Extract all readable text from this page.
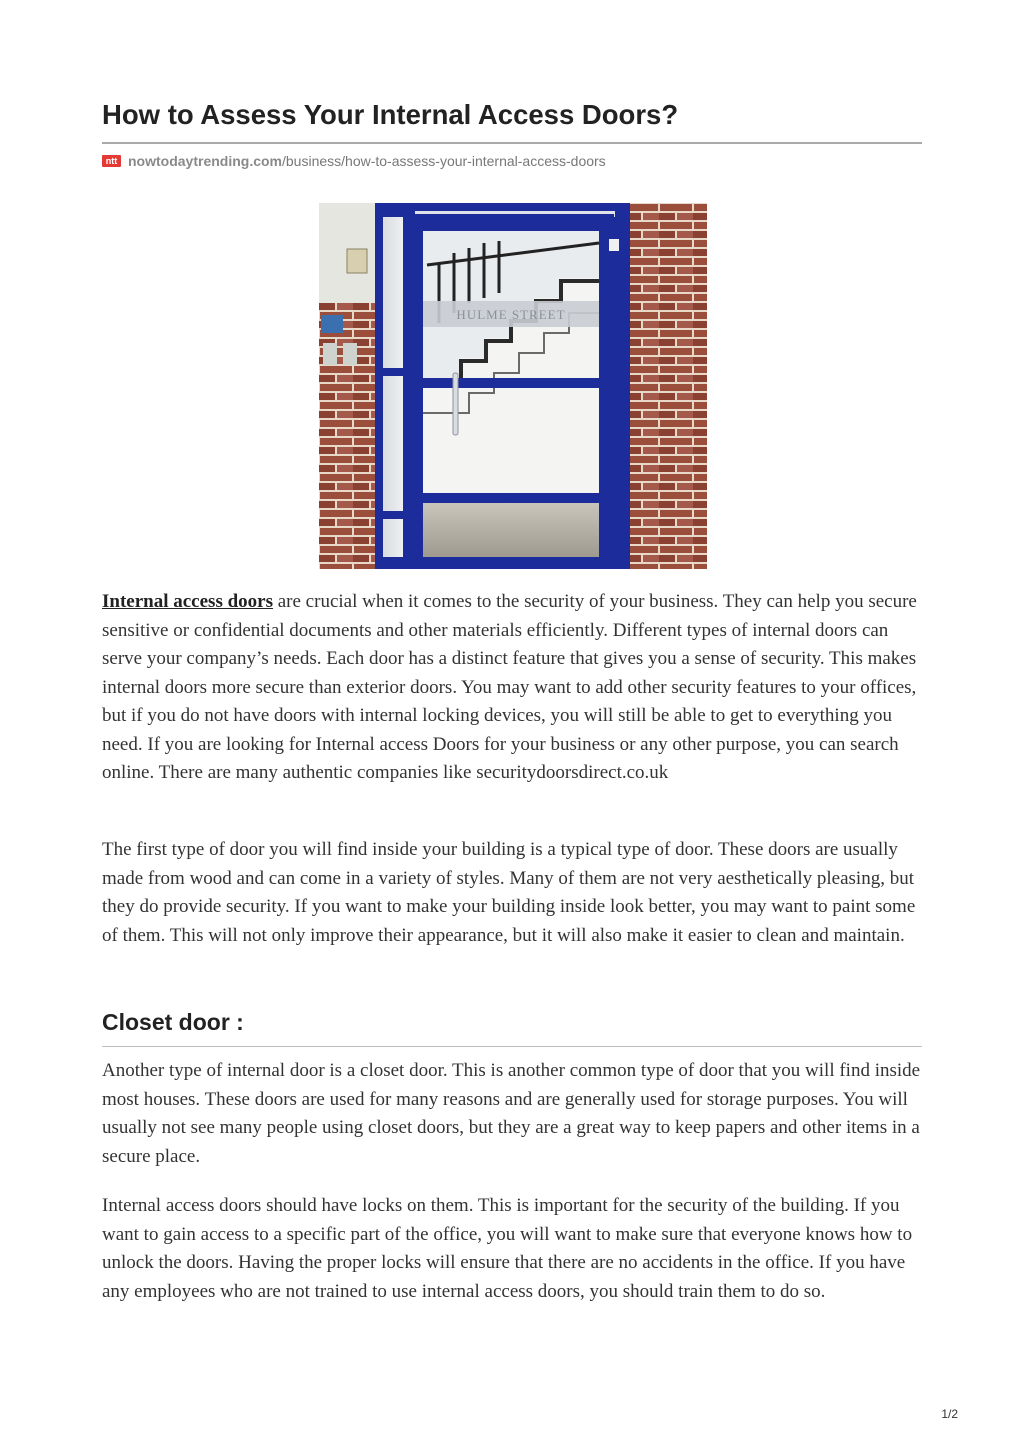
How to Assess Your Internal Access Doors?
ntt nowtodaytrending.com /business/how-to-assess-your-internal-access-doors
HULME STREET

Internal access doors are crucial when it comes to the security of your business. They can help you secure sensitive or confidential documents and other materials efficiently. Different types of internal doors can serve your company’s needs. Each door has a distinct feature that gives you a sense of security. This makes internal doors more secure than exterior doors. You may want to add other security features to your offices, but if you do not have doors with internal locking devices, you will still be able to get to everything you need. If you are looking for Internal access Doors for your business or any other purpose, you can search online. There are many authentic companies like securitydoorsdirect.co.uk

The first type of door you will find inside your building is a typical type of door. These doors are usually made from wood and can come in a variety of styles. Many of them are not very aesthetically pleasing, but they do provide security. If you want to make your building inside look better, you may want to paint some of them. This will not only improve their appearance, but it will also make it easier to clean and maintain.

Closet door :

Another type of internal door is a closet door. This is another common type of door that you will find inside most houses. These doors are used for many reasons and are generally used for storage purposes. You will usually not see many people using closet doors, but they are a great way to keep papers and other items in a secure place.

Internal access doors should have locks on them. This is important for the security of the building. If you want to gain access to a specific part of the office, you will want to make sure that everyone knows how to unlock the doors. Having the proper locks will ensure that there are no accidents in the office. If you have any employees who are not trained to use internal access doors, you should train them to do so.

1/2
